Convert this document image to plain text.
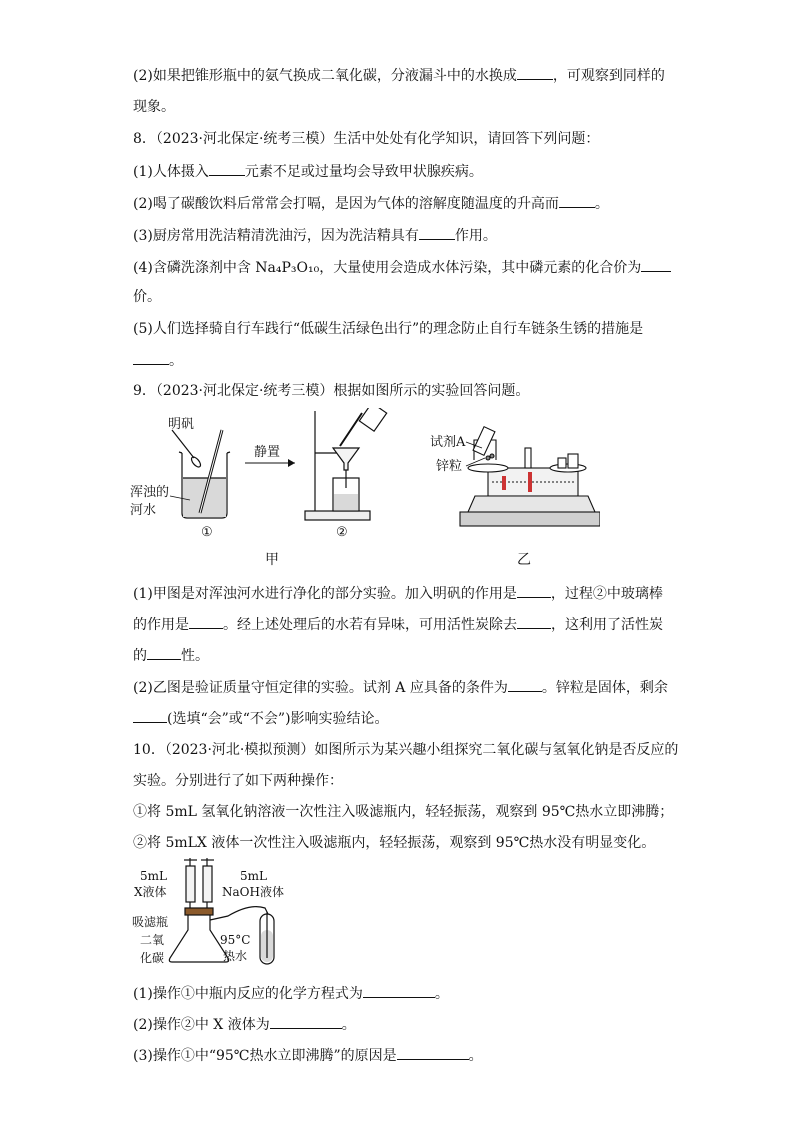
(2)如果把锥形瓶中的氨气换成二氧化碳，分液漏斗中的水换成	，可观察到同样的
现象。
8．（2023·河北保定·统考三模）生活中处处有化学知识，请回答下列问题：
(1)人体摄入	元素不足或过量均会导致甲状腺疾病。
(2)喝了碳酸饮料后常常会打嗝，是因为气体的溶解度随温度的升高而	。
(3)厨房常用洗洁精清洗油污，因为洗洁精具有	作用。
(4)含磷洗涤剂中含 Na₄P₃O₁₀，大量使用会造成水体污染，其中磷元素的化合价为
价。
(5)人们选择骑自行车践行“低碳生活绿色出行”的理念防止自行车链条生锈的措施是
。
9．（2023·河北保定·统考三模）根据如图所示的实验回答问题。
明矾
浑浊的
河水
①
静置
②
甲
试剂A
锌粒
乙
(1)甲图是对浑浊河水进行净化的部分实验。加入明矾的作用是 ，过程②中玻璃棒
的作用是 。经上述处理后的水若有异味，可用活性炭除去 ，这利用了活性炭
的 性。
(2)乙图是验证质量守恒定律的实验。试剂 A 应具备的条件为 。锌粒是固体，剩余
(选填“会”或“不会”)影响实验结论。
10．（2023·河北·模拟预测）如图所示为某兴趣小组探究二氧化碳与氢氧化钠是否反应的
实验。分别进行了如下两种操作：
①将 5mL 氢氧化钠溶液一次性注入吸滤瓶内，轻轻振荡，观察到 95℃热水立即沸腾；
②将 5mLX 液体一次性注入吸滤瓶内，轻轻振荡，观察到 95℃热水没有明显变化。
5mL
X液体
5mL
NaOH液体
吸滤瓶
二氧
化碳
95°C
热水
(1)操作①中瓶内反应的化学方程式为	。
(2)操作②中 X 液体为	。
(3)操作①中“95℃热水立即沸腾”的原因是	。
